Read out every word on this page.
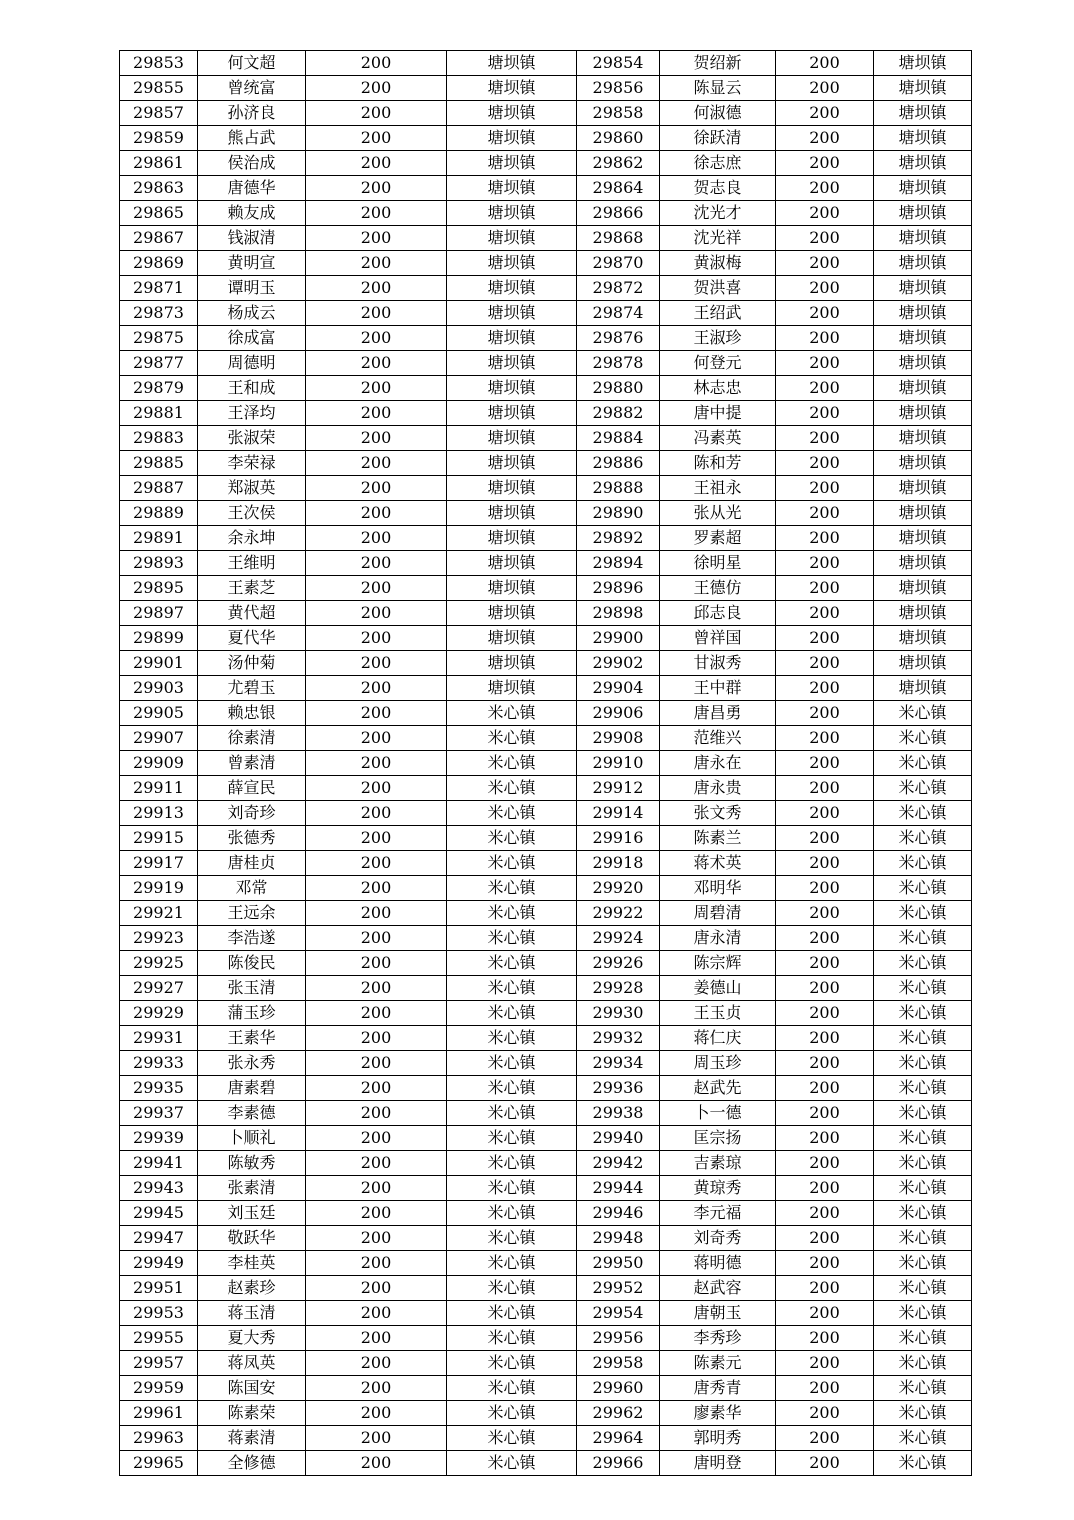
29853	何文超	200	塘坝镇	29854	贺绍新	200	塘坝镇
29855	曾统富	200	塘坝镇	29856	陈显云	200	塘坝镇
29857	孙济良	200	塘坝镇	29858	何淑德	200	塘坝镇
29859	熊占武	200	塘坝镇	29860	徐跃清	200	塘坝镇
29861	侯治成	200	塘坝镇	29862	徐志庶	200	塘坝镇
29863	唐德华	200	塘坝镇	29864	贺志良	200	塘坝镇
29865	赖友成	200	塘坝镇	29866	沈光才	200	塘坝镇
29867	钱淑清	200	塘坝镇	29868	沈光祥	200	塘坝镇
29869	黄明宣	200	塘坝镇	29870	黄淑梅	200	塘坝镇
29871	谭明玉	200	塘坝镇	29872	贺洪喜	200	塘坝镇
29873	杨成云	200	塘坝镇	29874	王绍武	200	塘坝镇
29875	徐成富	200	塘坝镇	29876	王淑珍	200	塘坝镇
29877	周德明	200	塘坝镇	29878	何登元	200	塘坝镇
29879	王和成	200	塘坝镇	29880	林志忠	200	塘坝镇
29881	王泽均	200	塘坝镇	29882	唐中提	200	塘坝镇
29883	张淑荣	200	塘坝镇	29884	冯素英	200	塘坝镇
29885	李荣禄	200	塘坝镇	29886	陈和芳	200	塘坝镇
29887	郑淑英	200	塘坝镇	29888	王祖永	200	塘坝镇
29889	王次侯	200	塘坝镇	29890	张从光	200	塘坝镇
29891	余永坤	200	塘坝镇	29892	罗素超	200	塘坝镇
29893	王维明	200	塘坝镇	29894	徐明星	200	塘坝镇
29895	王素芝	200	塘坝镇	29896	王德仿	200	塘坝镇
29897	黄代超	200	塘坝镇	29898	邱志良	200	塘坝镇
29899	夏代华	200	塘坝镇	29900	曾祥国	200	塘坝镇
29901	汤仲菊	200	塘坝镇	29902	甘淑秀	200	塘坝镇
29903	尤碧玉	200	塘坝镇	29904	王中群	200	塘坝镇
29905	赖忠银	200	米心镇	29906	唐昌勇	200	米心镇
29907	徐素清	200	米心镇	29908	范维兴	200	米心镇
29909	曾素清	200	米心镇	29910	唐永在	200	米心镇
29911	薛宣民	200	米心镇	29912	唐永贵	200	米心镇
29913	刘奇珍	200	米心镇	29914	张文秀	200	米心镇
29915	张德秀	200	米心镇	29916	陈素兰	200	米心镇
29917	唐桂贞	200	米心镇	29918	蒋术英	200	米心镇
29919	邓常	200	米心镇	29920	邓明华	200	米心镇
29921	王远余	200	米心镇	29922	周碧清	200	米心镇
29923	李浩遂	200	米心镇	29924	唐永清	200	米心镇
29925	陈俊民	200	米心镇	29926	陈宗辉	200	米心镇
29927	张玉清	200	米心镇	29928	姜德山	200	米心镇
29929	蒲玉珍	200	米心镇	29930	王玉贞	200	米心镇
29931	王素华	200	米心镇	29932	蒋仁庆	200	米心镇
29933	张永秀	200	米心镇	29934	周玉珍	200	米心镇
29935	唐素碧	200	米心镇	29936	赵武先	200	米心镇
29937	李素德	200	米心镇	29938	卜一德	200	米心镇
29939	卜顺礼	200	米心镇	29940	匡宗扬	200	米心镇
29941	陈敏秀	200	米心镇	29942	吉素琼	200	米心镇
29943	张素清	200	米心镇	29944	黄琼秀	200	米心镇
29945	刘玉廷	200	米心镇	29946	李元福	200	米心镇
29947	敬跃华	200	米心镇	29948	刘奇秀	200	米心镇
29949	李桂英	200	米心镇	29950	蒋明德	200	米心镇
29951	赵素珍	200	米心镇	29952	赵武容	200	米心镇
29953	蒋玉清	200	米心镇	29954	唐朝玉	200	米心镇
29955	夏大秀	200	米心镇	29956	李秀珍	200	米心镇
29957	蒋凤英	200	米心镇	29958	陈素元	200	米心镇
29959	陈国安	200	米心镇	29960	唐秀青	200	米心镇
29961	陈素荣	200	米心镇	29962	廖素华	200	米心镇
29963	蒋素清	200	米心镇	29964	郭明秀	200	米心镇
29965	全修德	200	米心镇	29966	唐明登	200	米心镇
